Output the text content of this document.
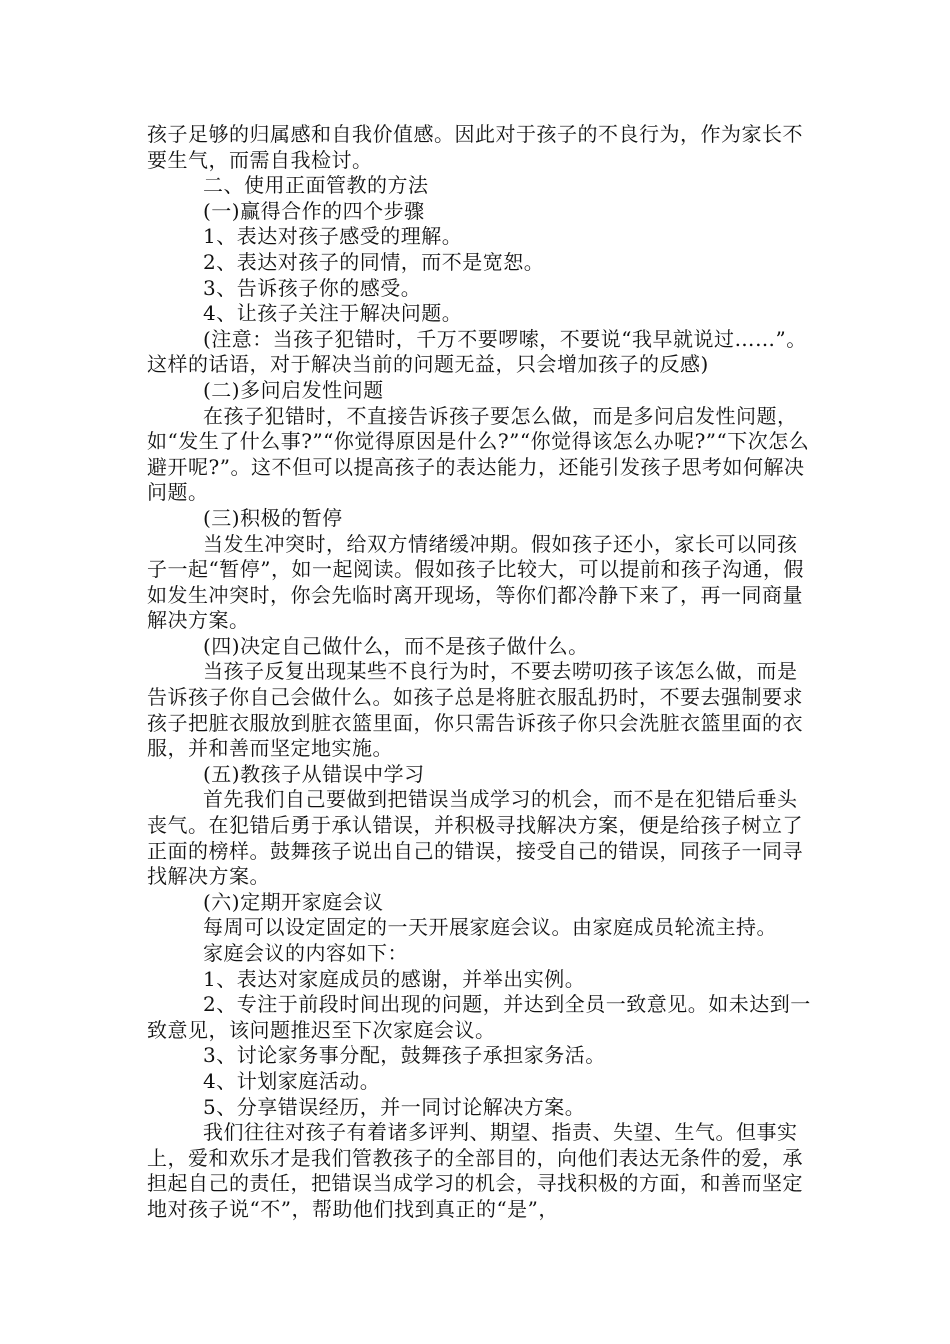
孩子足够的归属感和自我价值感。因此对于孩子的不良行为，作为家长不要生气，而需自我检讨。

二、使用正面管教的方法

(一)赢得合作的四个步骤

1、表达对孩子感受的理解。

2、表达对孩子的同情，而不是宽恕。

3、告诉孩子你的感受。

4、让孩子关注于解决问题。

(注意：当孩子犯错时，千万不要啰嗦，不要说“我早就说过……”。这样的话语，对于解决当前的问题无益，只会增加孩子的反感)

(二)多问启发性问题

在孩子犯错时，不直接告诉孩子要怎么做，而是多问启发性问题，如“发生了什么事?”“你觉得原因是什么?”“你觉得该怎么办呢?”“下次怎么避开呢?”。这不但可以提高孩子的表达能力，还能引发孩子思考如何解决问题。

(三)积极的暂停

当发生冲突时，给双方情绪缓冲期。假如孩子还小，家长可以同孩子一起“暂停”，如一起阅读。假如孩子比较大，可以提前和孩子沟通，假如发生冲突时，你会先临时离开现场，等你们都冷静下来了，再一同商量解决方案。

(四)决定自己做什么，而不是孩子做什么。

当孩子反复出现某些不良行为时，不要去唠叨孩子该怎么做，而是告诉孩子你自己会做什么。如孩子总是将脏衣服乱扔时，不要去强制要求孩子把脏衣服放到脏衣篮里面，你只需告诉孩子你只会洗脏衣篮里面的衣服，并和善而坚定地实施。

(五)教孩子从错误中学习

首先我们自己要做到把错误当成学习的机会，而不是在犯错后垂头丧气。在犯错后勇于承认错误，并积极寻找解决方案，便是给孩子树立了正面的榜样。鼓舞孩子说出自己的错误，接受自己的错误，同孩子一同寻找解决方案。

(六)定期开家庭会议

每周可以设定固定的一天开展家庭会议。由家庭成员轮流主持。

家庭会议的内容如下：

1、表达对家庭成员的感谢，并举出实例。

2、专注于前段时间出现的问题，并达到全员一致意见。如未达到一致意见，该问题推迟至下次家庭会议。

3、讨论家务事分配，鼓舞孩子承担家务活。

4、计划家庭活动。

5、分享错误经历，并一同讨论解决方案。

我们往往对孩子有着诸多评判、期望、指责、失望、生气。但事实上，爱和欢乐才是我们管教孩子的全部目的，向他们表达无条件的爱，承担起自己的责任，把错误当成学习的机会，寻找积极的方面，和善而坚定地对孩子说“不”，帮助他们找到真正的“是”，
